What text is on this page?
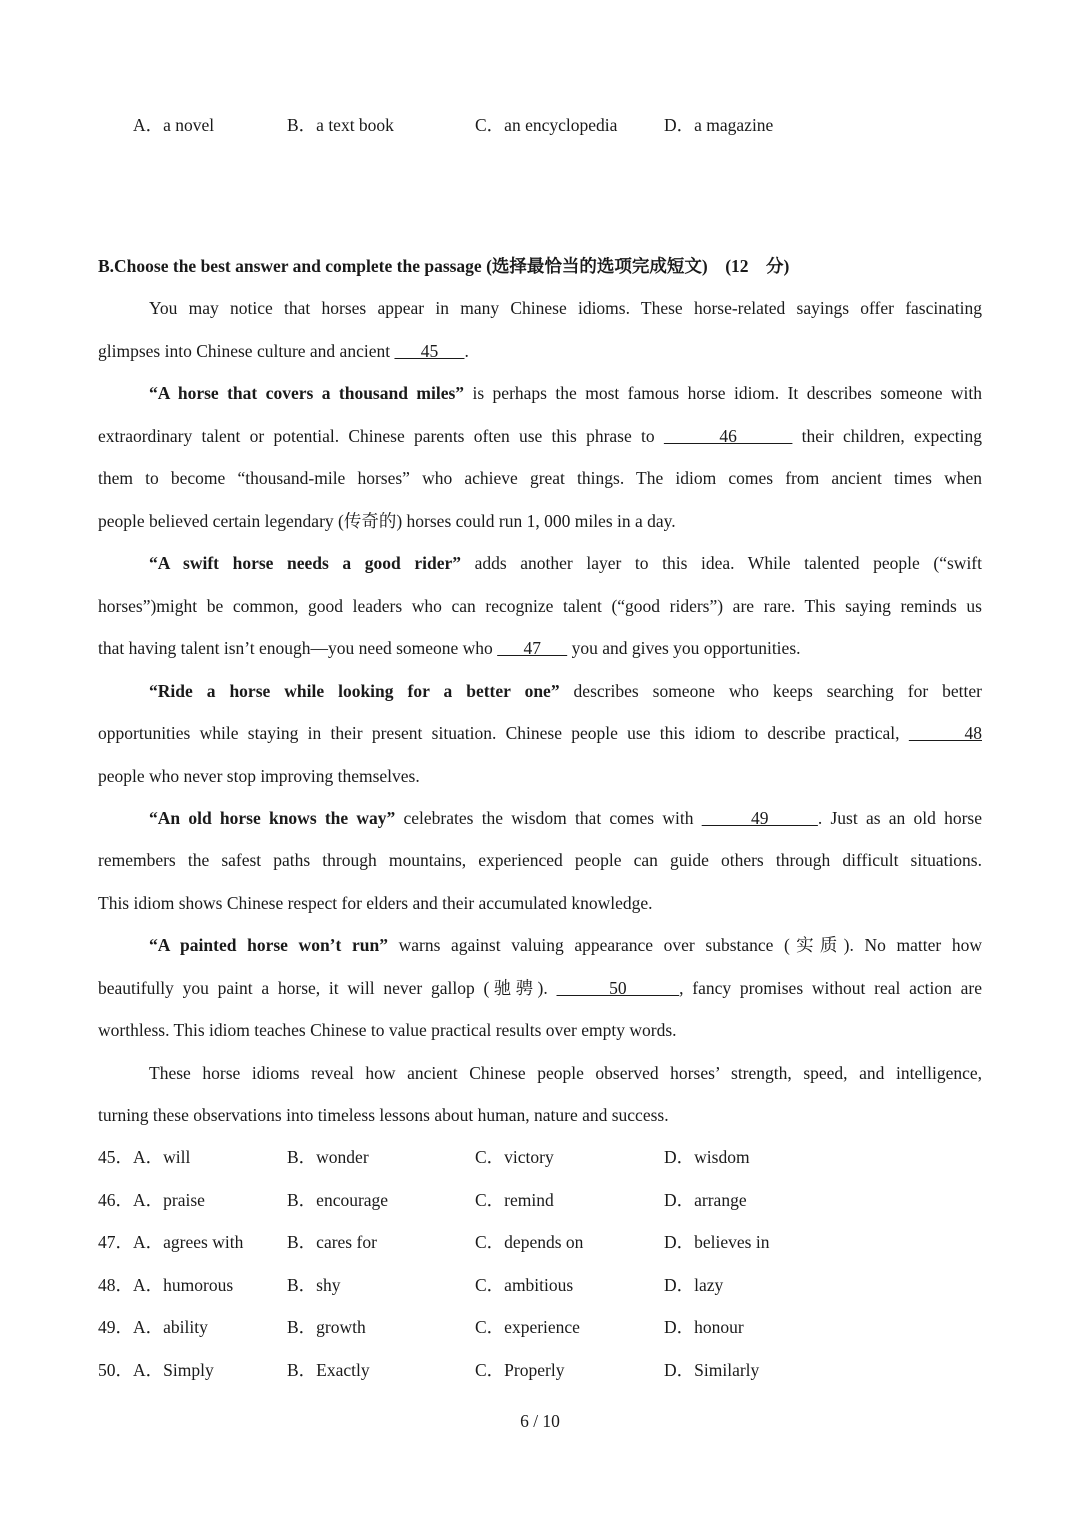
A．a novel	B．a text book	C．an encyclopedia	D．a magazine
B.Choose the best answer and complete the passage (选择最恰当的选项完成短文)　(12　分)
You may notice that horses appear in many Chinese idioms. These horse-related sayings offer fascinating
glimpses into Chinese culture and ancient       45      .
“A horse that covers a thousand miles” is perhaps the most famous horse idiom. It describes someone with
extraordinary talent or potential. Chinese parents often use this phrase to       46       their children, expecting
them to become “thousand-mile horses” who achieve great things. The idiom comes from ancient times when
people believed certain legendary (传奇的) horses could run 1, 000 miles in a day.
“A swift horse needs a good rider” adds another layer to this idea. While talented people (“swift
horses”)might be common, good leaders who can recognize talent (“good riders”) are rare. This saying reminds us
that having talent isn’t enough—you need someone who       47       you and gives you opportunities.
“Ride a horse while looking for a better one” describes someone who keeps searching for better
opportunities while staying in their present situation. Chinese people use this idiom to describe practical,       48
people who never stop improving themselves.
“An old horse knows the way” celebrates the wisdom that comes with       49      . Just as an old horse
remembers the safest paths through mountains, experienced people can guide others through difficult situations.
This idiom shows Chinese respect for elders and their accumulated knowledge.
“A painted horse won’t run” warns against valuing appearance over substance (实质). No matter how
beautifully you paint a horse, it will never gallop (驰骋).       50      , fancy promises without real action are
worthless. This idiom teaches Chinese to value practical results over empty words.
These horse idioms reveal how ancient Chinese people observed horses’ strength, speed, and intelligence,
turning these observations into timeless lessons about human, nature and success.
45．A．will	B．wonder	C．victory	D．wisdom
46．A．praise	B．encourage	C．remind	D．arrange
47．A．agrees with B．cares for	C．depends on	D．believes in
48．A．humorous	B．shy	C．ambitious	D．lazy
49．A．ability	B．growth	C．experience	D．honour
50．A．Simply	B．Exactly	C．Properly	D．Similarly
6 / 10
